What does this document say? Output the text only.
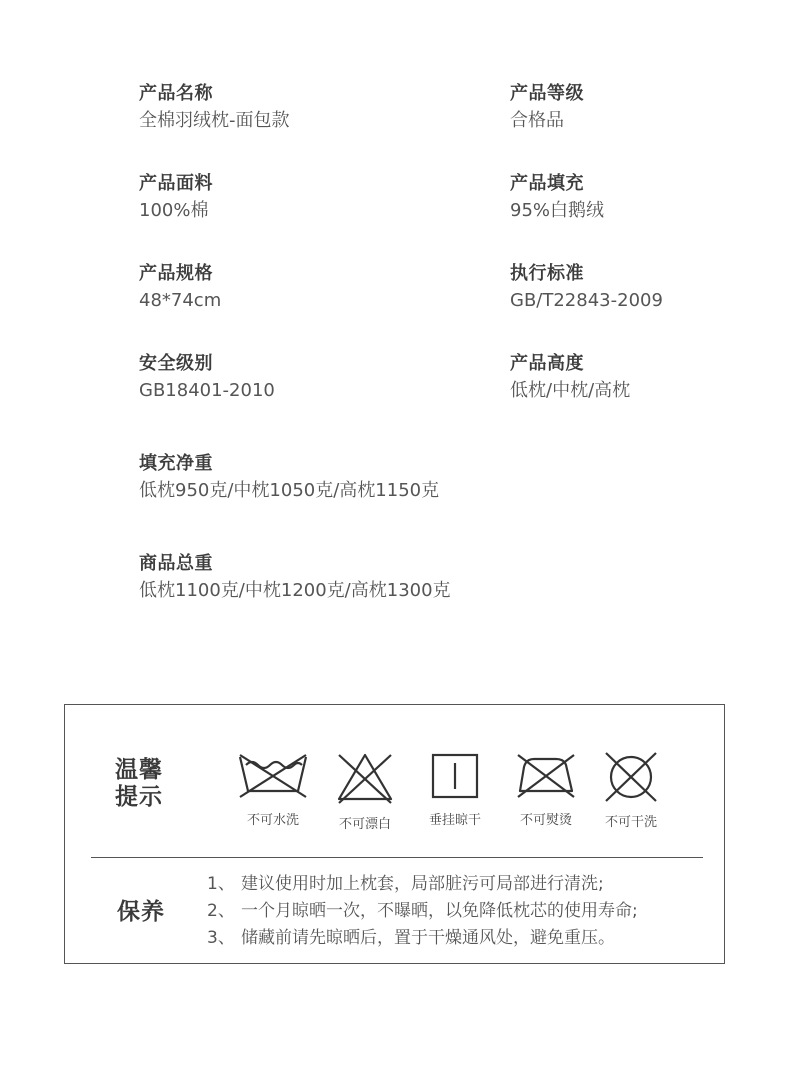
产品名称
全棉羽绒枕-面包款
产品等级
合格品
产品面料
100%棉
产品填充
95%白鹅绒
产品规格
48*74cm
执行标准
GB/T22843-2009
安全级别
GB18401-2010
产品高度
低枕/中枕/高枕
填充净重
低枕950克/中枕1050克/高枕1150克
商品总重
低枕1100克/中枕1200克/高枕1300克
温馨
提示
不可水洗	不可漂白	垂挂晾干	不可熨烫	不可干洗
保养
1、 建议使用时加上枕套，局部脏污可局部进行清洗;
2、 一个月晾晒一次，不曝晒，以免降低枕芯的使用寿命;
3、 储藏前请先晾晒后，置于干燥通风处，避免重压。
